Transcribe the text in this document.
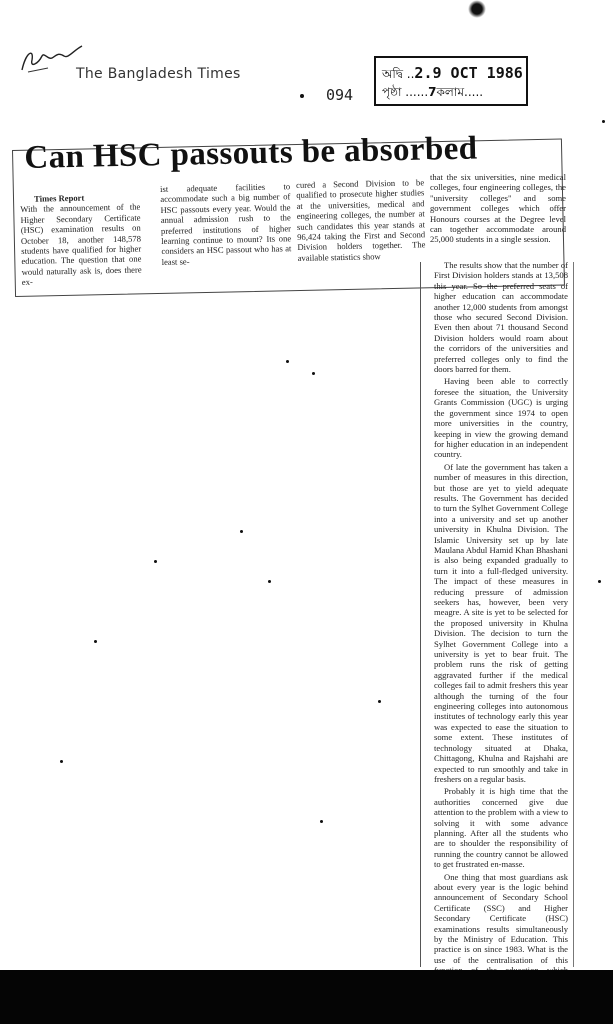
The Bangladesh Times
094
অদ্বি ..2.9 OCT 1986
পৃষ্ঠা ......7কলাম.....
Can HSC passouts be absorbed
Times Report
With the announcement of the Higher Secondary Certificate (HSC) examination results on October 18, another 148,578 students have qualified for higher education. The question that one would naturally ask is, does there ex-
ist adequate facilities to accommodate such a big number of HSC passouts every year. Would the annual admission rush to the preferred institutions of higher learning continue to mount? Its one considers an HSC passout who has at least se-
cured a Second Division to be qualified to prosecute higher studies at the universities, medical and engineering colleges, the number at such candidates this year stands at 96,424 taking the First and Second Division holders together. The available statistics show
that the six universities, nine medical colleges, four engineering colleges, the "university colleges" and some government colleges which offer Honours courses at the Degree level can together accommodate around 25,000 students in a single session.

The results show that the number of First Division holders stands at 13,508 this year. So the preferred seats of higher education can accommodate another 12,000 students from amongst those who secured Second Division. Even then about 71 thousand Second Division holders would roam about the corridors of the universities and preferred colleges only to find the doors barred for them.

Having been able to correctly foresee the situation, the University Grants Commission (UGC) is urging the government since 1974 to open more universities in the country, keeping in view the growing demand for higher education in an independent country.

Of late the government has taken a number of measures in this direction, but those are yet to yield adequate results. The Government has decided to turn the Sylhet Government College into a university and set up another university in Khulna Division. The Islamic University set up by late Maulana Abdul Hamid Khan Bhashani is also being expanded gradually to turn it into a full-fledged university. The impact of these measures in reducing pressure of admission seekers has, however, been very meagre. A site is yet to be selected for the proposed university in Khulna Division. The decision to turn the Sylhet Government College into a university is yet to bear fruit. The problem runs the risk of getting aggravated further if the medical colleges fail to admit freshers this year although the turning of the four engineering colleges into autonomous institutes of technology early this year was expected to ease the situation to some extent. These institutes of technology situated at Dhaka, Chittagong, Khulna and Rajshahi are expected to run smoothly and take in freshers on a regular basis.

Probably it is high time that the authorities concerned give due attention to the problem with a view to solving it with some advance planning. After all the students who are to shoulder the responsibility of running the country cannot be allowed to get frustrated en-masse.

One thing that most guardians ask about every year is the logic behind announcement of Secondary School Certificate (SSC) and Higher Secondary Certificate (HSC) examinations results simultaneously by the Ministry of Education. This practice is on since 1983. What is the use of the centralisation of this
